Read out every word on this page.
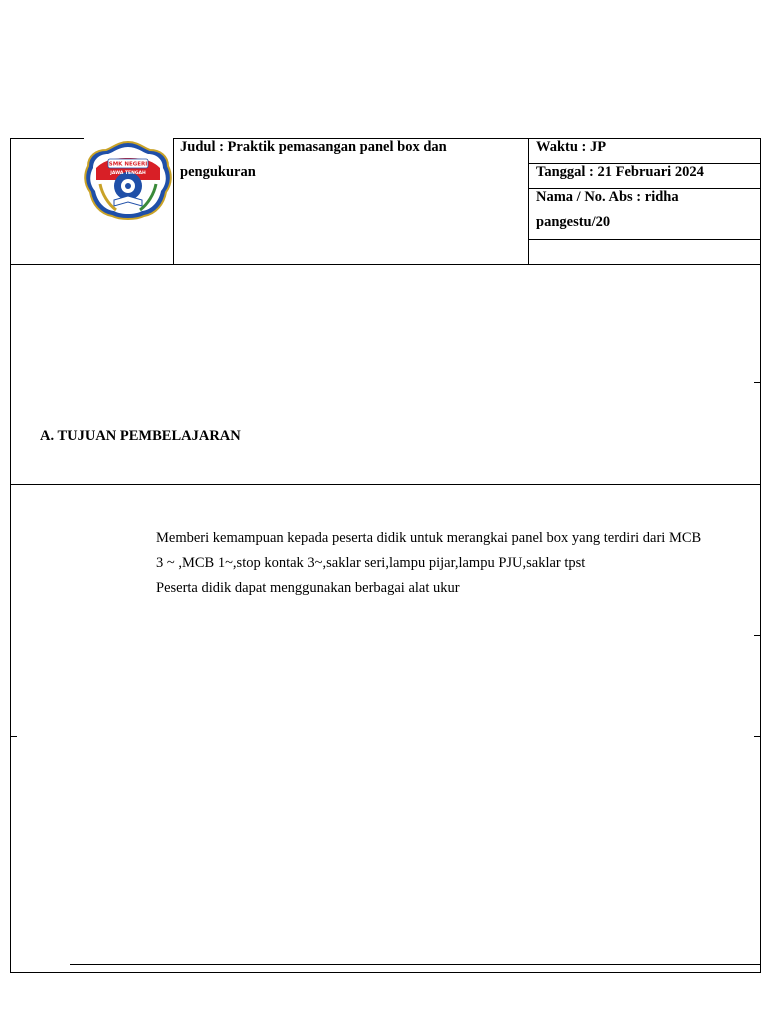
SMK NEGERI
JAWA TENGAH
Judul : Praktik pemasangan panel box dan
pengukuran
Waktu : JP
Tanggal : 21 Februari 2024
Nama / No. Abs : ridha
pangestu/20
A. TUJUAN PEMBELAJARAN
Memberi kemampuan kepada peserta didik untuk merangkai panel box yang terdiri dari MCB
3 ~ ,MCB 1~,stop kontak 3~,saklar seri,lampu pijar,lampu PJU,saklar tpst
Peserta didik dapat menggunakan berbagai alat ukur
